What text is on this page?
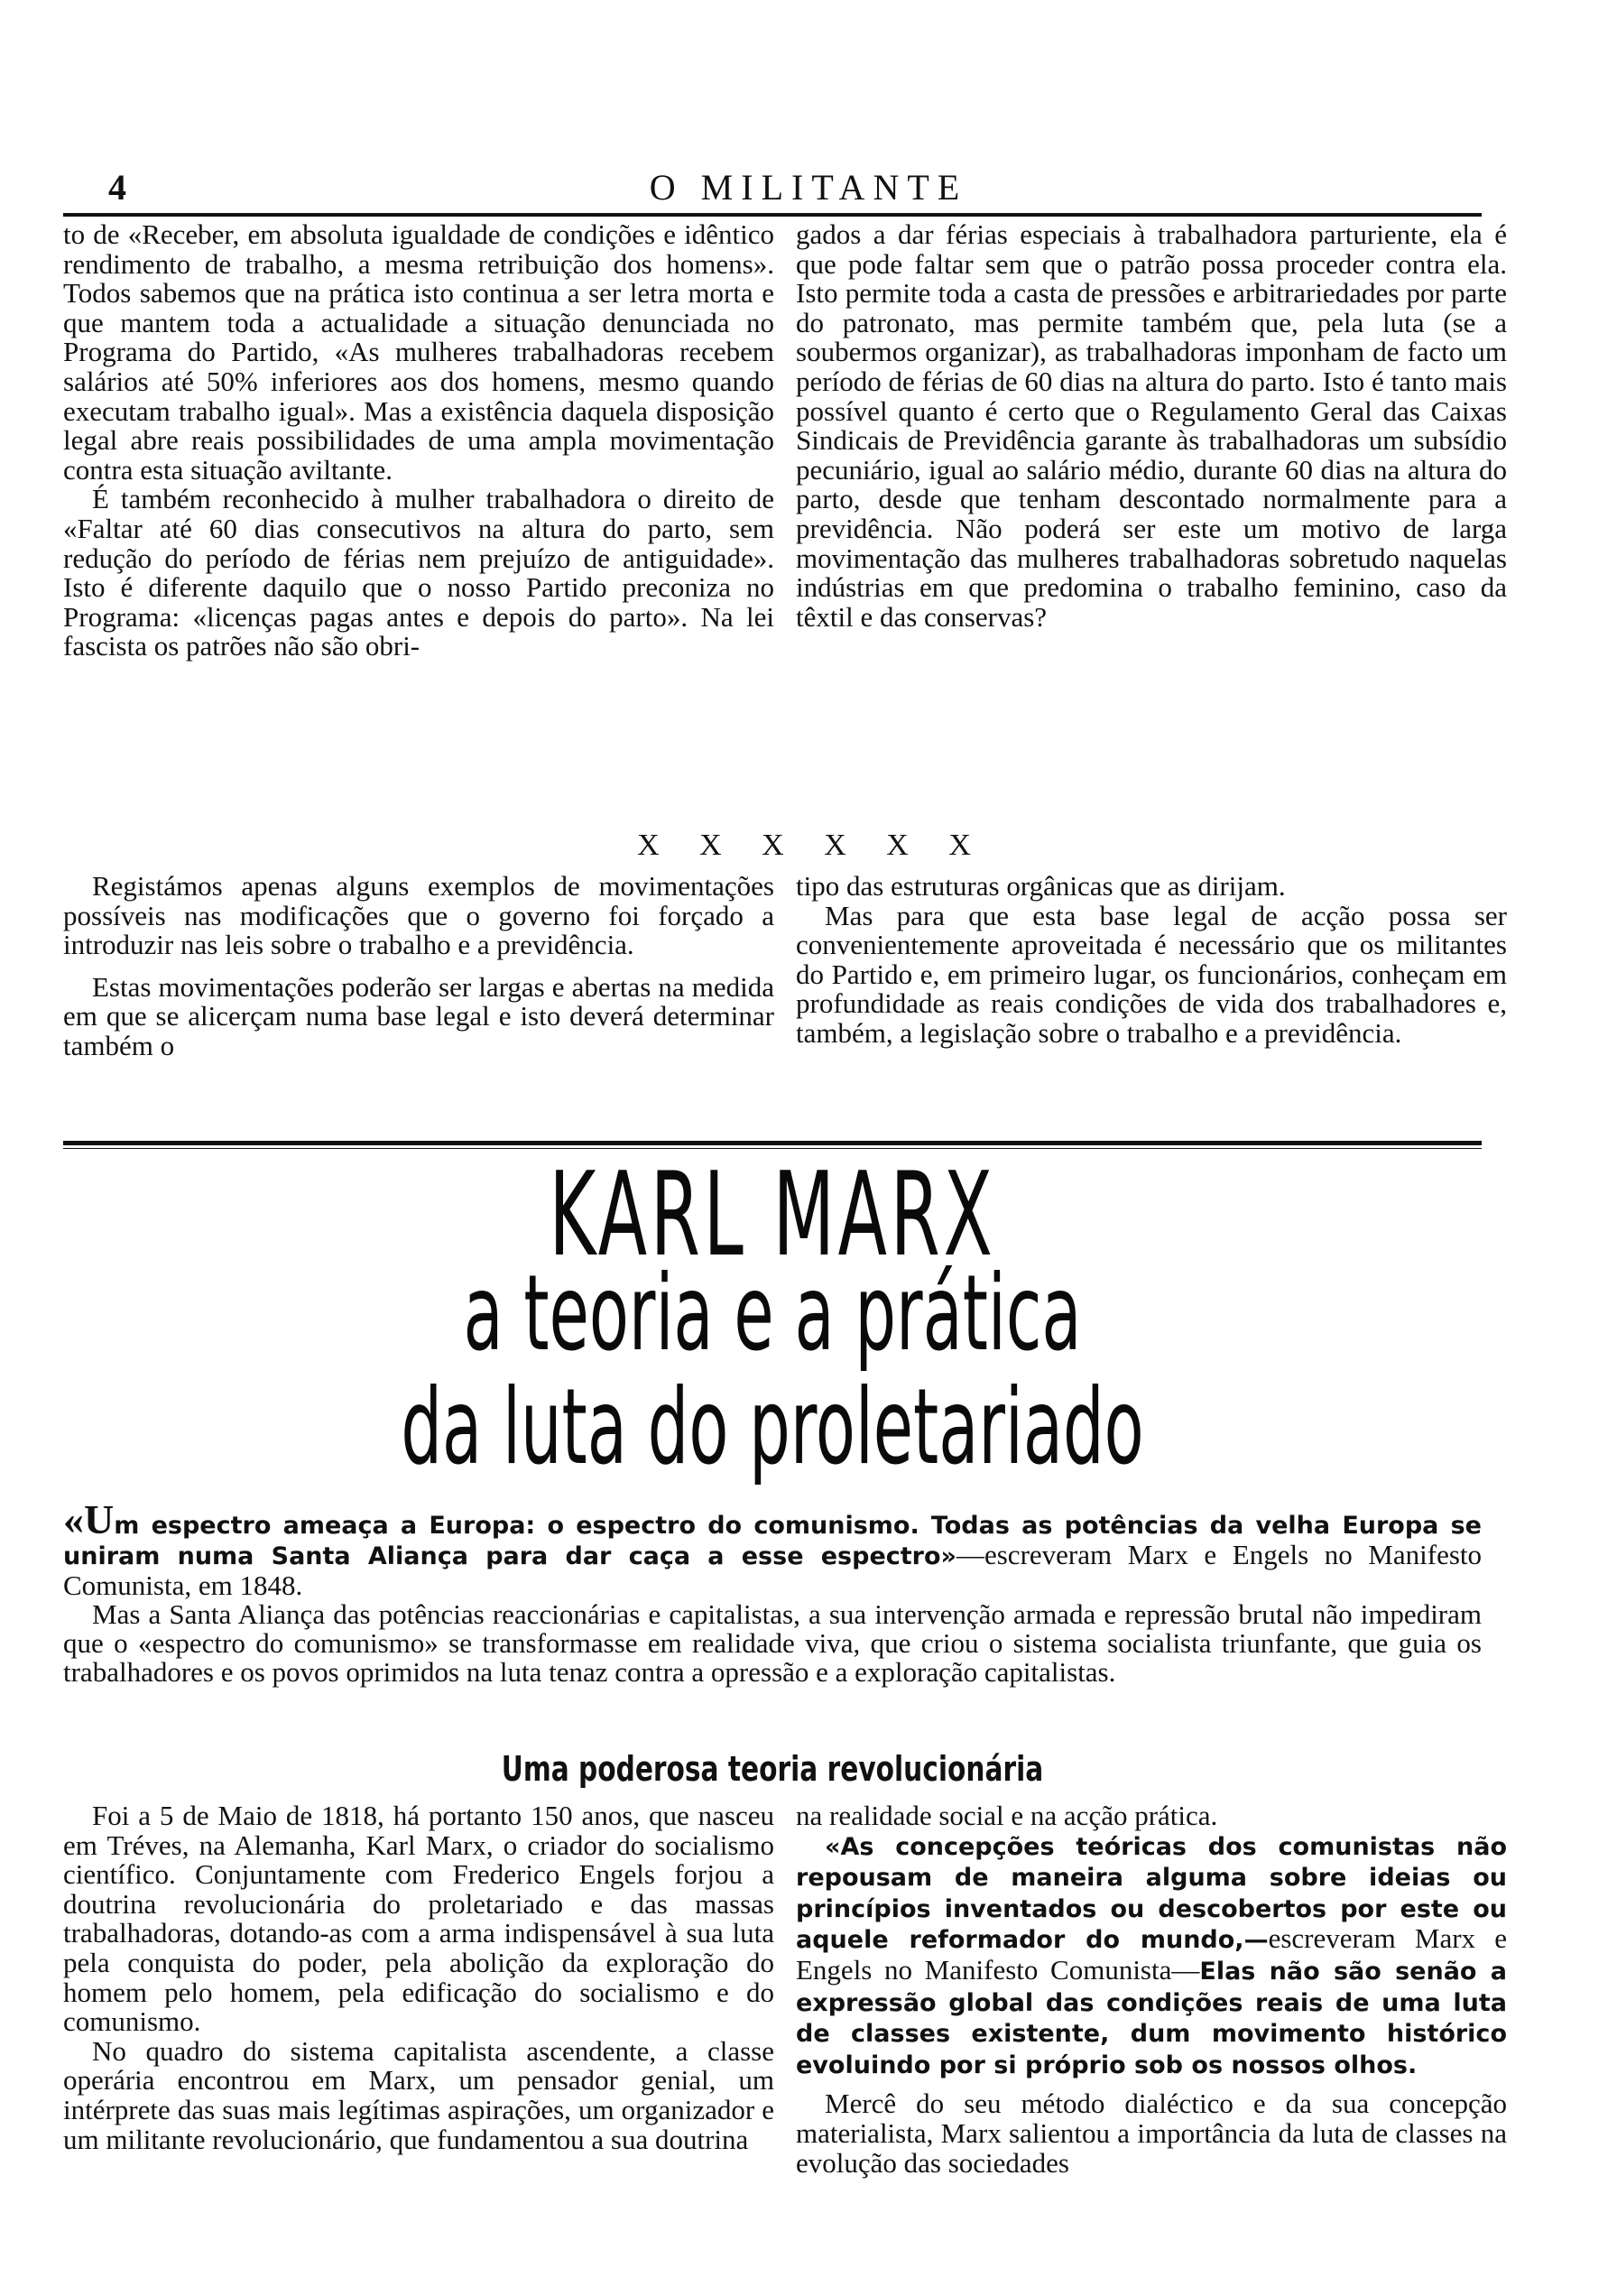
4	O MILITANTE

to de «Receber, em absoluta igualdade de condições e idêntico rendimento de trabalho, a mesma retribuição dos homens». Todos sabemos que na prática isto continua a ser letra morta e que mantem toda a actualidade a situação denunciada no Programa do Partido, «As mulheres trabalhadoras recebem salários até 50% inferiores aos dos homens, mesmo quando executam trabalho igual». Mas a existência daquela disposição legal abre reais possibilidades de uma ampla movimentação contra esta situação aviltante.

É também reconhecido à mulher trabalhadora o direito de «Faltar até 60 dias consecutivos na altura do parto, sem redução do período de férias nem prejuízo de antiguidade». Isto é diferente daquilo que o nosso Partido preconiza no Programa: «licenças pagas antes e depois do parto». Na lei fascista os patrões não são obri-

gados a dar férias especiais à trabalhadora parturiente, ela é que pode faltar sem que o patrão possa proceder contra ela. Isto permite toda a casta de pressões e arbitrariedades por parte do patronato, mas permite também que, pela luta (se a soubermos organizar), as trabalhadoras imponham de facto um período de férias de 60 dias na altura do parto. Isto é tanto mais possível quanto é certo que o Regulamento Geral das Caixas Sindicais de Previdência garante às trabalhadoras um subsídio pecuniário, igual ao salário médio, durante 60 dias na altura do parto, desde que tenham descontado normalmente para a previdência. Não poderá ser este um motivo de larga movimentação das mulheres trabalhadoras sobretudo naquelas indústrias em que predomina o trabalho feminino, caso da têxtil e das conservas?

X X X X X X

Registámos apenas alguns exemplos de movimentações possíveis nas modificações que o governo foi forçado a introduzir nas leis sobre o trabalho e a previdência.

Estas movimentações poderão ser largas e abertas na medida em que se alicerçam numa base legal e isto deverá determinar também o

tipo das estruturas orgânicas que as dirijam.

Mas para que esta base legal de acção possa ser convenientemente aproveitada é necessário que os militantes do Partido e, em primeiro lugar, os funcionários, conheçam em profundidade as reais condições de vida dos trabalhadores e, também, a legislação sobre o trabalho e a previdência.

KARL MARX
a teoria e a prática
da luta do proletariado

«Um espectro ameaça a Europa: o espectro do comunismo. Todas as potências da velha Europa se uniram numa Santa Aliança para dar caça a esse espectro»—escreveram Marx e Engels no Manifesto Comunista, em 1848.

Mas a Santa Aliança das potências reaccionárias e capitalistas, a sua intervenção armada e repressão brutal não impediram que o «espectro do comunismo» se transformasse em realidade viva, que criou o sistema socialista triunfante, que guia os trabalhadores e os povos oprimidos na luta tenaz contra a opressão e a exploração capitalistas.

Uma poderosa teoria revolucionária

Foi a 5 de Maio de 1818, há portanto 150 anos, que nasceu em Tréves, na Alemanha, Karl Marx, o criador do socialismo científico. Conjuntamente com Frederico Engels forjou a doutrina revolucionária do proletariado e das massas trabalhadoras, dotando-as com a arma indispensável à sua luta pela conquista do poder, pela abolição da exploração do homem pelo homem, pela edificação do socialismo e do comunismo.

No quadro do sistema capitalista ascendente, a classe operária encontrou em Marx, um pensador genial, um intérprete das suas mais legítimas aspirações, um organizador e um militante revolucionário, que fundamentou a sua doutrina

na realidade social e na acção prática.

«As concepções teóricas dos comunistas não repousam de maneira alguma sobre ideias ou princípios inventados ou descobertos por este ou aquele reformador do mundo,—escreveram Marx e Engels no Manifesto Comunista—Elas não são senão a expressão global das condições reais de uma luta de classes existente, dum movimento histórico evoluindo por si próprio sob os nossos olhos.

Mercê do seu método dialéctico e da sua concepção materialista, Marx salientou a importância da luta de classes na evolução das sociedades
